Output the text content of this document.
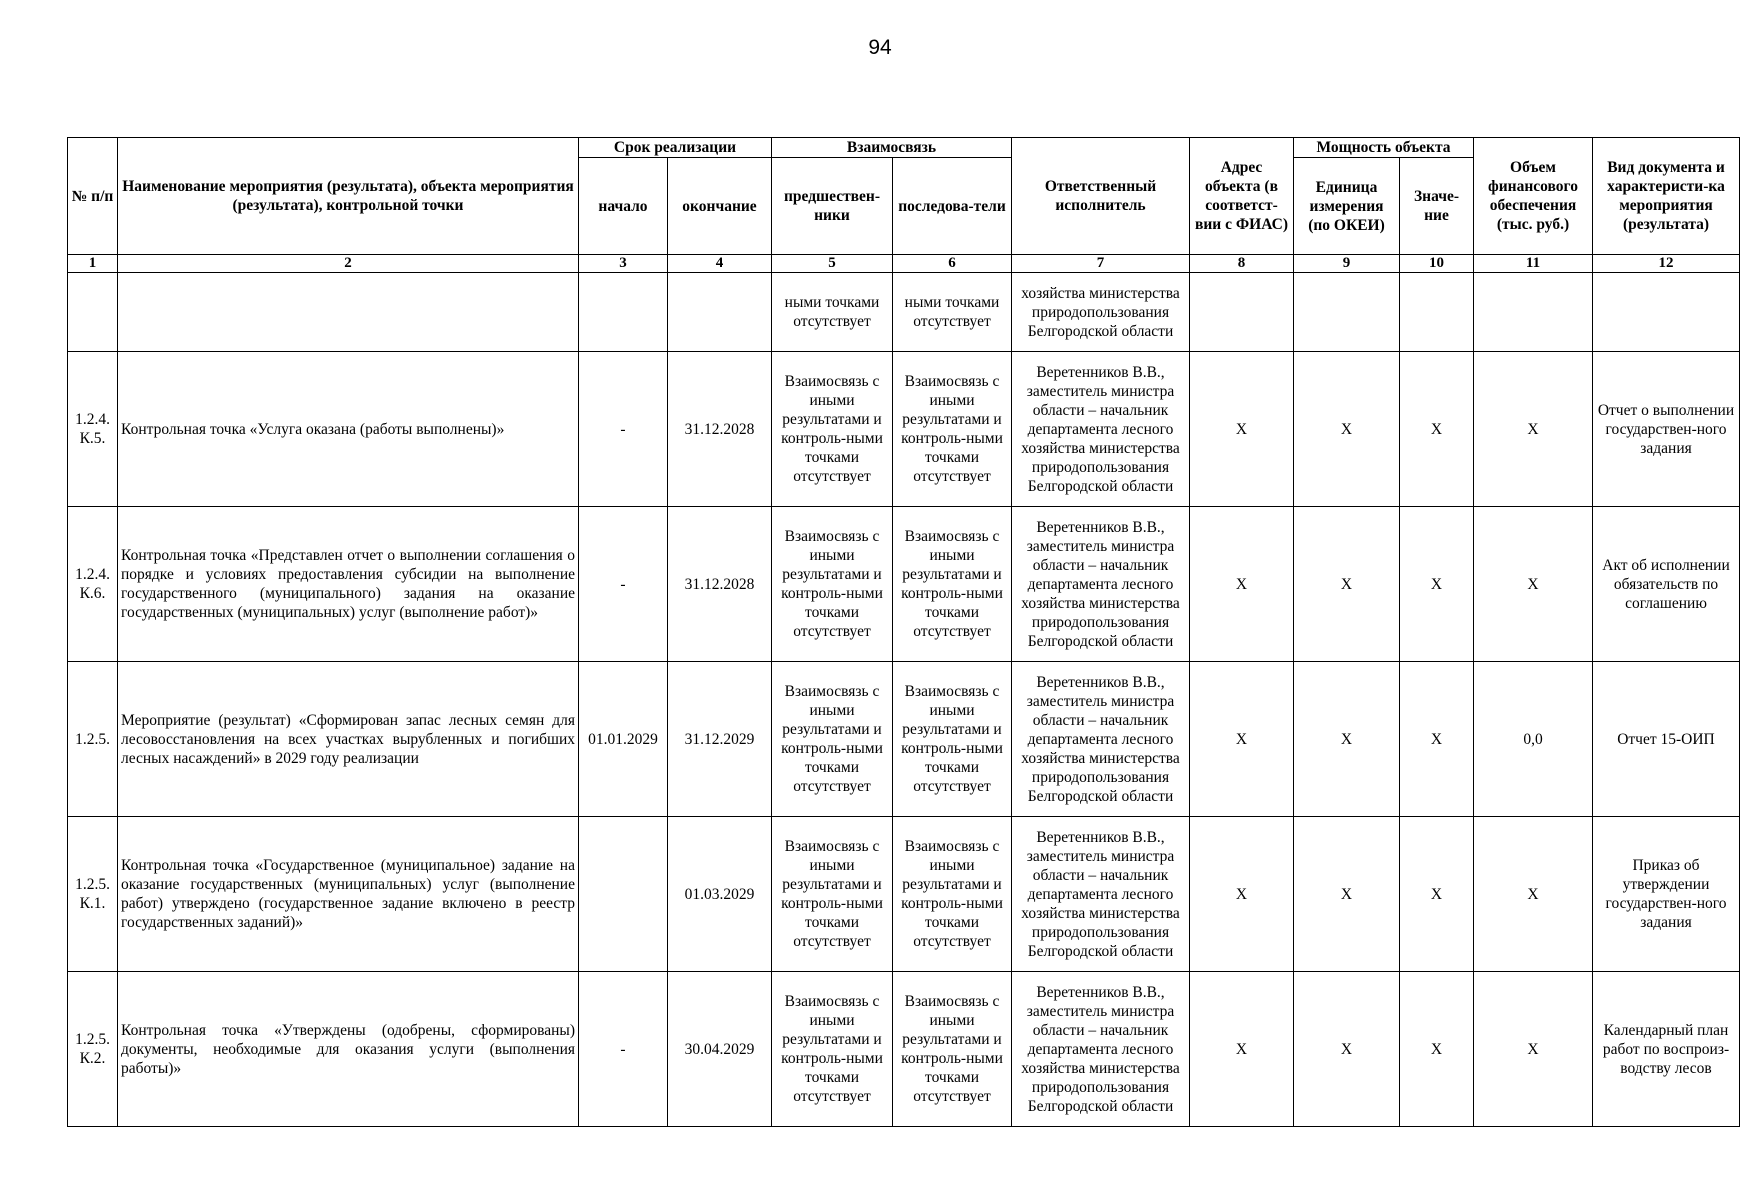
94
№ п/п	Наименование мероприятия (результата), объекта мероприятия (результата), контрольной точки	Срок реализации		Взаимосвязь		Ответственный исполнитель	Адрес объекта (в соответст-вии с ФИАС)	Мощность объекта		Объем финансового обеспечения (тыс. руб.)	Вид документа и характеристи-ка мероприятия (результата)
		начало	окончание	предшествен-ники	последова-тели			Единица измерения (по ОКЕИ)	Значе-ние		
1	2	3	4	5	6	7	8	9	10	11	12
				ными точками отсутствует	ными точками отсутствует	хозяйства министерства природопользования Белгородской области					
1.2.4. К.5.	Контрольная точка «Услуга оказана (работы выполнены)»	-	31.12.2028	Взаимосвязь с иными результатами и контроль-ными точками отсутствует	Взаимосвязь с иными результатами и контроль-ными точками отсутствует	Веретенников В.В., заместитель министра области – начальник департамента лесного хозяйства министерства природопользования Белгородской области	X	X	X	X	Отчет о выполнении государствен-ного задания
1.2.4. К.6.	Контрольная точка «Представлен отчет о выполнении соглашения о порядке и условиях предоставления субсидии на выполнение государственного (муниципального) задания на оказание государственных (муниципальных) услуг (выполнение работ)»	-	31.12.2028	Взаимосвязь с иными результатами и контроль-ными точками отсутствует	Взаимосвязь с иными результатами и контроль-ными точками отсутствует	Веретенников В.В., заместитель министра области – начальник департамента лесного хозяйства министерства природопользования Белгородской области	X	X	X	X	Акт об исполнении обязательств по соглашению
1.2.5.	Мероприятие (результат) «Сформирован запас лесных семян для лесовосстановления на всех участках вырубленных и погибших лесных насаждений» в 2029 году реализации	01.01.2029	31.12.2029	Взаимосвязь с иными результатами и контроль-ными точками отсутствует	Взаимосвязь с иными результатами и контроль-ными точками отсутствует	Веретенников В.В., заместитель министра области – начальник департамента лесного хозяйства министерства природопользования Белгородской области	X	X	X	0,0	Отчет 15-ОИП
1.2.5. К.1.	Контрольная точка «Государственное (муниципальное) задание на оказание государственных (муниципальных) услуг (выполнение работ) утверждено (государственное задание включено в реестр государственных заданий)»		01.03.2029	Взаимосвязь с иными результатами и контроль-ными точками отсутствует	Взаимосвязь с иными результатами и контроль-ными точками отсутствует	Веретенников В.В., заместитель министра области – начальник департамента лесного хозяйства министерства природопользования Белгородской области	X	X	X	X	Приказ об утверждении государствен-ного задания
1.2.5. К.2.	Контрольная точка «Утверждены (одобрены, сформированы) документы, необходимые для оказания услуги (выполнения работы)»	-	30.04.2029	Взаимосвязь с иными результатами и контроль-ными точками отсутствует	Взаимосвязь с иными результатами и контроль-ными точками отсутствует	Веретенников В.В., заместитель министра области – начальник департамента лесного хозяйства министерства природопользования Белгородской области	X	X	X	X	Календарный план работ по воспроиз-водству лесов
